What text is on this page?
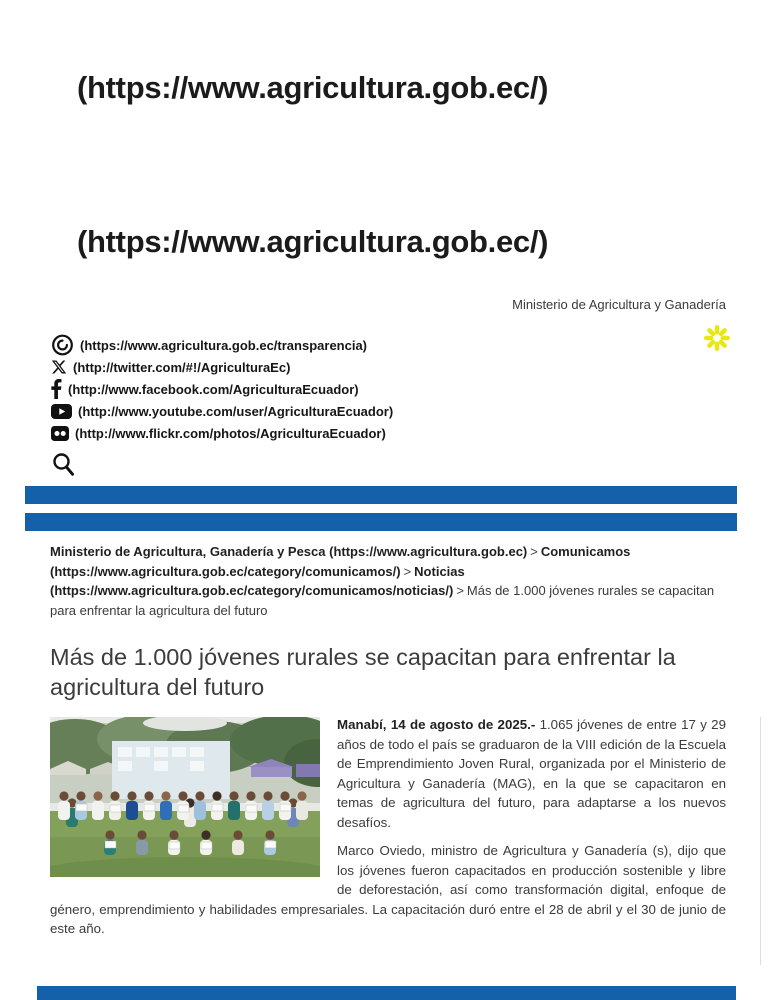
(https://www.agricultura.gob.ec/)
(https://www.agricultura.gob.ec/)
Ministerio de Agricultura y Ganadería
(https://www.agricultura.gob.ec/transparencia)
(http://twitter.com/#!/AgriculturaEc)
(http://www.facebook.com/AgriculturaEcuador)
(http://www.youtube.com/user/AgriculturaEcuador)
(http://www.flickr.com/photos/AgriculturaEcuador)
Ministerio de Agricultura, Ganadería y Pesca (https://www.agricultura.gob.ec) > Comunicamos (https://www.agricultura.gob.ec/category/comunicamos/) > Noticias (https://www.agricultura.gob.ec/category/comunicamos/noticias/) > Más de 1.000 jóvenes rurales se capacitan para enfrentar la agricultura del futuro
Más de 1.000 jóvenes rurales se capacitan para enfrentar la agricultura del futuro

Manabí, 14 de agosto de 2025.- 1.065 jóvenes de entre 17 y 29 años de todo el país se graduaron de la VIII edición de la Escuela de Emprendimiento Joven Rural, organizada por el Ministerio de Agricultura y Ganadería (MAG), en la que se capacitaron en temas de agricultura del futuro, para adaptarse a los nuevos desafíos.

Marco Oviedo, ministro de Agricultura y Ganadería (s), dijo que los jóvenes fueron capacitados en producción sostenible y libre de deforestación, así como transformación digital, enfoque de género, emprendimiento y habilidades empresariales. La capacitación duró entre el 28 de abril y el 30 de junio de este año.
